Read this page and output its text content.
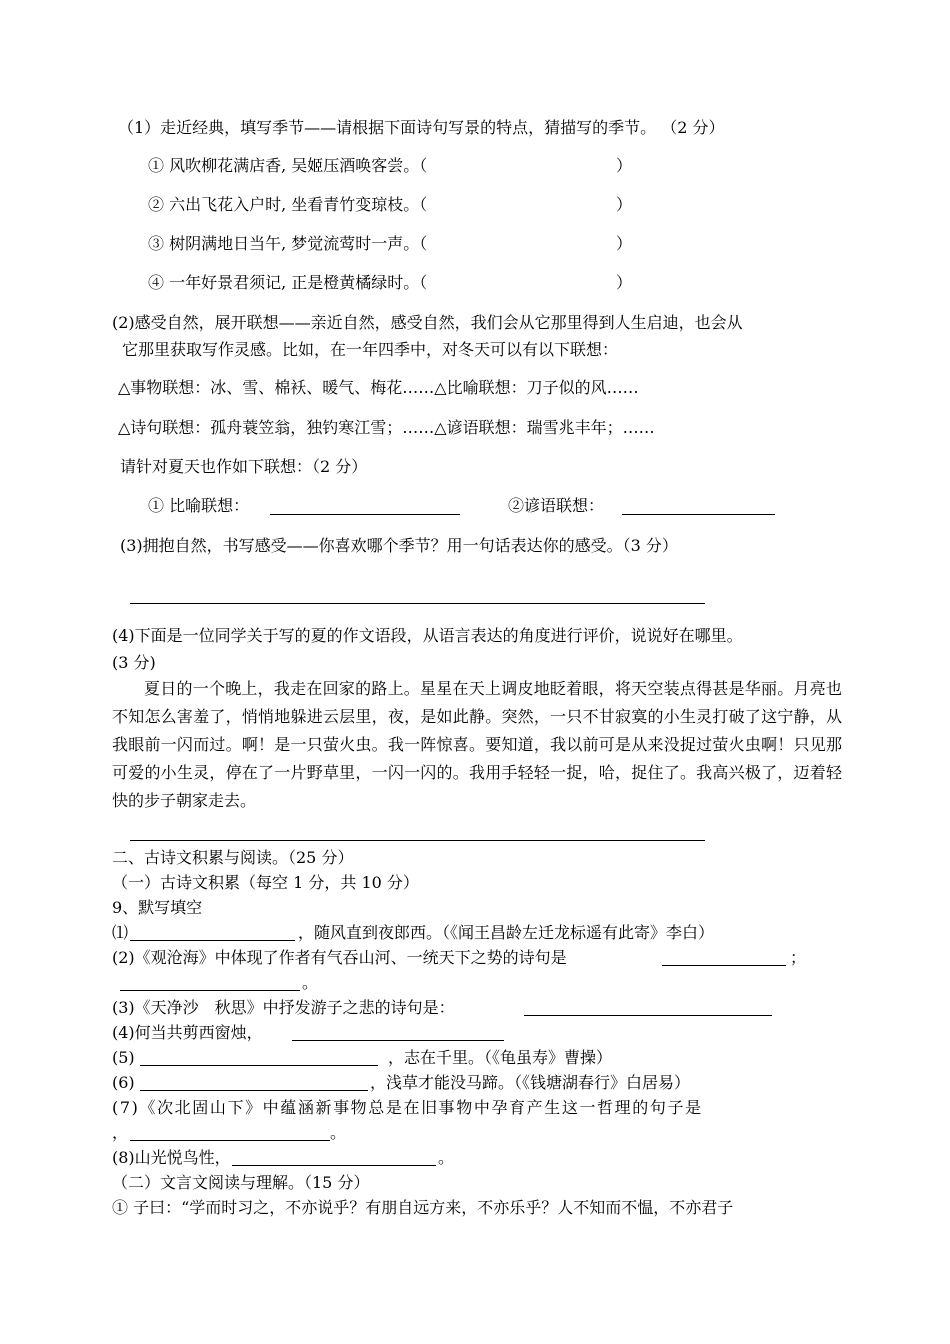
（1）走近经典，填写季节——请根据下面诗句写景的特点，猜描写的季节。 （2 分）
① 风吹柳花满店香, 吴姬压酒唤客尝。（	）
② 六出飞花入户时, 坐看青竹变琼枝。（	）
③ 树阴满地日当午, 梦觉流莺时一声。（	）
④ 一年好景君须记, 正是橙黄橘绿时。（	）
(2)感受自然，展开联想——亲近自然，感受自然，我们会从它那里得到人生启迪，也会从
它那里获取写作灵感。比如，在一年四季中，对冬天可以有以下联想：
△事物联想：冰、雪、棉袄、暖气、梅花……△比喻联想：刀子似的风……
△诗句联想：孤舟蓑笠翁，独钓寒江雪；……△谚语联想：瑞雪兆丰年；……
请针对夏天也作如下联想：（2 分）
① 比喻联想：	②谚语联想：
(3)拥抱自然，书写感受——你喜欢哪个季节？用一句话表达你的感受。（3 分）
(4)下面是一位同学关于写的夏的作文语段，从语言表达的角度进行评价，说说好在哪里。
(3 分)
夏日的一个晚上，我走在回家的路上。星星在天上调皮地眨着眼，将天空装点得甚是华丽。月亮也不知怎么害羞了，悄悄地躲进云层里，夜，是如此静。突然，一只不甘寂寞的小生灵打破了这宁静，从我眼前一闪而过。啊！是一只萤火虫。我一阵惊喜。要知道，我以前可是从来没捉过萤火虫啊！只见那可爱的小生灵，停在了一片野草里，一闪一闪的。我用手轻轻一捉，哈，捉住了。我高兴极了，迈着轻快的步子朝家走去。
二、古诗文积累与阅读。（25 分）
（一）古诗文积累（每空 1 分，共 10 分）
9、默写填空
⑴	，随风直到夜郎西。（《闻王昌龄左迁龙标遥有此寄》李白）
(2)《观沧海》中体现了作者有气吞山河、一统天下之势的诗句是	；
。
(3)《天净沙　秋思》中抒发游子之悲的诗句是：
(4)何当共剪西窗烛，
(5)	，志在千里。（《龟虽寿》曹操）
(6)	，浅草才能没马蹄。（《钱塘湖春行》白居易）
(7)《次北固山下》中蕴涵新事物总是在旧事物中孕育产生这一哲理的句子是
，	。
(8)山光悦鸟性，	。
（二）文言文阅读与理解。（15 分）
① 子曰：“学而时习之，不亦说乎？有朋自远方来，不亦乐乎？人不知而不愠，不亦君子
